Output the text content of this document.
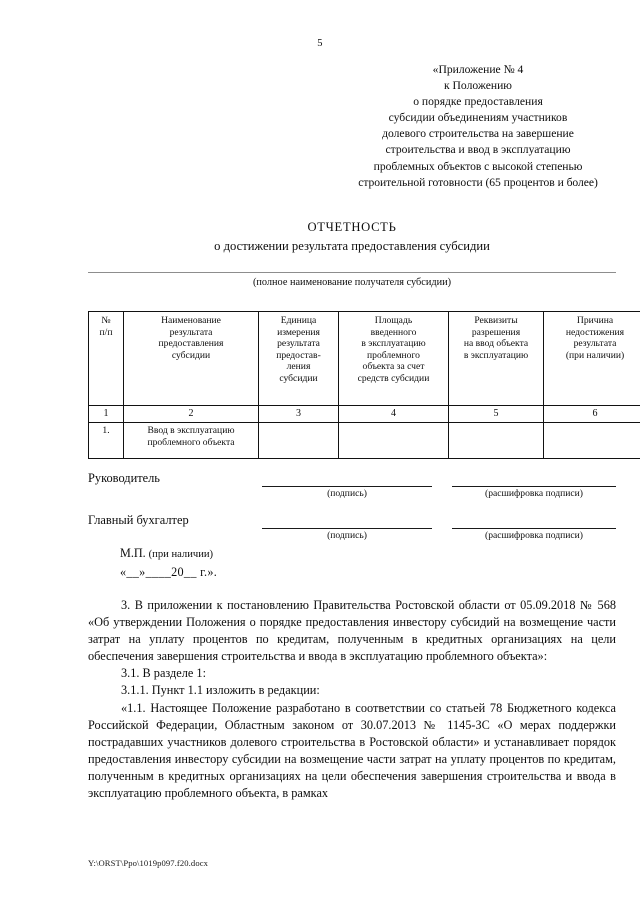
5
«Приложение № 4
к Положению
о порядке предоставления
субсидии объединениям участников
долевого строительства на завершение
строительства и ввод в эксплуатацию
проблемных объектов с высокой степенью
строительной готовности (65 процентов и более)
ОТЧЕТНОСТЬ
о достижении результата предоставления субсидии
(полное наименование получателя субсидии)
№
п/п	Наименование
результата
предоставления
субсидии	Единица
измерения
результата
предостав-
ления
субсидии	Площадь
введенного
в эксплуатацию
проблемного
объекта за счет
средств субсидии	Реквизиты
разрешения
на ввод объекта
в эксплуатацию	Причина
недостижения
результата
(при наличии)
1	2	3	4	5	6
1.	Ввод в эксплуатацию проблемного объекта				
Руководитель
(подпись)	(расшифровка подписи)
Главный бухгалтер
(подпись)	(расшифровка подписи)
М.П. (при наличии)
«__»____20__ г.».

3. В приложении к постановлению Правительства Ростовской области от 05.09.2018 № 568 «Об утверждении Положения о порядке предоставления инвестору субсидий на возмещение части затрат на уплату процентов по кредитам, полученным в кредитных организациях на цели обеспечения завершения строительства и ввода в эксплуатацию проблемного объекта»:

3.1. В разделе 1:

3.1.1. Пункт 1.1 изложить в редакции:

«1.1. Настоящее Положение разработано в соответствии со статьей 78 Бюджетного кодекса Российской Федерации, Областным законом от 30.07.2013 № 1145-ЗС «О мерах поддержки пострадавших участников долевого строительства в Ростовской области» и устанавливает порядок предоставления инвестору субсидии на возмещение части затрат на уплату процентов по кредитам, полученным в кредитных организациях на цели обеспечения завершения строительства и ввода в эксплуатацию проблемного объекта, в рамках

Y:\ORST\Ppo\1019p097.f20.docx
